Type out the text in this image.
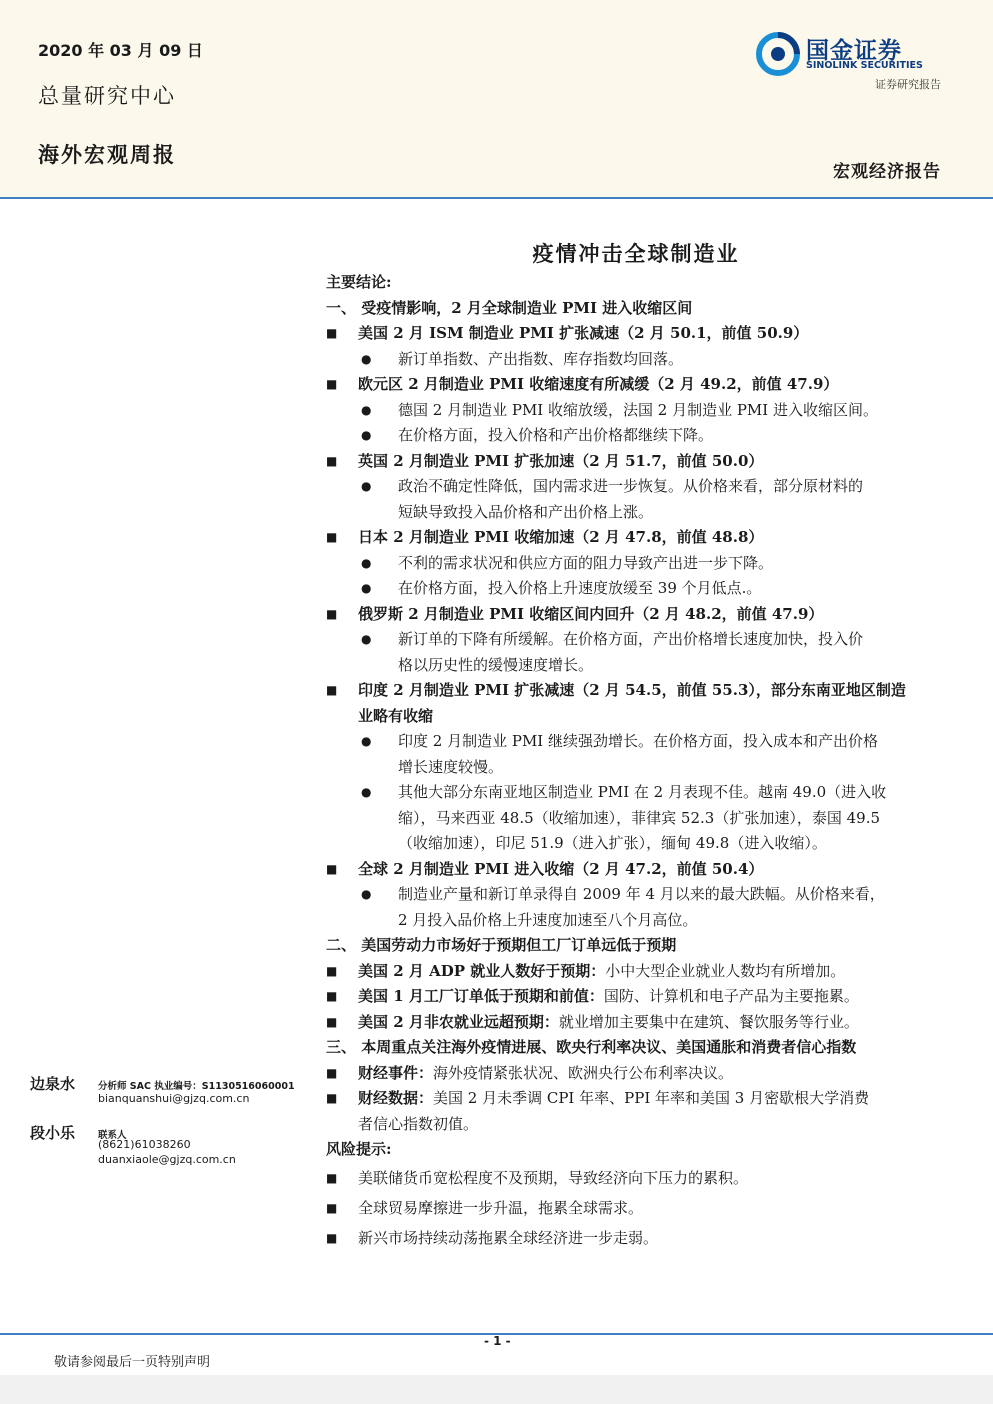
2020 年 03 月 09 日
总量研究中心
海外宏观周报
国金证券
SINOLINK SECURITIES
证券研究报告
宏观经济报告
疫情冲击全球制造业
主要结论:
一、 受疫情影响，2 月全球制造业 PMI 进入收缩区间
■ 美国 2 月 ISM 制造业 PMI 扩张减速（2 月 50.1，前值 50.9）
● 新订单指数、产出指数、库存指数均回落。
■ 欧元区 2 月制造业 PMI 收缩速度有所减缓（2 月 49.2，前值 47.9）
● 德国 2 月制造业 PMI 收缩放缓，法国 2 月制造业 PMI 进入收缩区间。
● 在价格方面，投入价格和产出价格都继续下降。
■ 英国 2 月制造业 PMI 扩张加速（2 月 51.7，前值 50.0）
● 政治不确定性降低，国内需求进一步恢复。从价格来看，部分原材料的
短缺导致投入品价格和产出价格上涨。
■ 日本 2 月制造业 PMI 收缩加速（2 月 47.8，前值 48.8）
● 不利的需求状况和供应方面的阻力导致产出进一步下降。
● 在价格方面，投入价格上升速度放缓至 39 个月低点.。
■ 俄罗斯 2 月制造业 PMI 收缩区间内回升（2 月 48.2，前值 47.9）
● 新订单的下降有所缓解。在价格方面，产出价格增长速度加快，投入价
格以历史性的缓慢速度增长。
■ 印度 2 月制造业 PMI 扩张减速（2 月 54.5，前值 55.3），部分东南亚地区制造
业略有收缩
● 印度 2 月制造业 PMI 继续强劲增长。在价格方面，投入成本和产出价格
增长速度较慢。
● 其他大部分东南亚地区制造业 PMI 在 2 月表现不佳。越南 49.0（进入收
缩），马来西亚 48.5（收缩加速），菲律宾 52.3（扩张加速），泰国 49.5
（收缩加速），印尼 51.9（进入扩张），缅甸 49.8（进入收缩）。
■ 全球 2 月制造业 PMI 进入收缩（2 月 47.2，前值 50.4）
● 制造业产量和新订单录得自 2009 年 4 月以来的最大跌幅。从价格来看，
2 月投入品价格上升速度加速至八个月高位。
二、 美国劳动力市场好于预期但工厂订单远低于预期
■ 美国 2 月 ADP 就业人数好于预期：小中大型企业就业人数均有所增加。
■ 美国 1 月工厂订单低于预期和前值：国防、计算机和电子产品为主要拖累。
■ 美国 2 月非农就业远超预期：就业增加主要集中在建筑、餐饮服务等行业。
三、 本周重点关注海外疫情进展、欧央行利率决议、美国通胀和消费者信心指数
■ 财经事件：海外疫情紧张状况、欧洲央行公布利率决议。
■ 财经数据：美国 2 月未季调 CPI 年率、PPI 年率和美国 3 月密歇根大学消费
者信心指数初值。
风险提示:
■ 美联储货币宽松程度不及预期，导致经济向下压力的累积。
■ 全球贸易摩擦进一步升温，拖累全球需求。
■ 新兴市场持续动荡拖累全球经济进一步走弱。
边泉水 分析师 SAC 执业编号：S1130516060001
bianquanshui@gjzq.com.cn
段小乐 联系人
(8621)61038260
duanxiaole@gjzq.com.cn
- 1 -
敬请参阅最后一页特别声明
